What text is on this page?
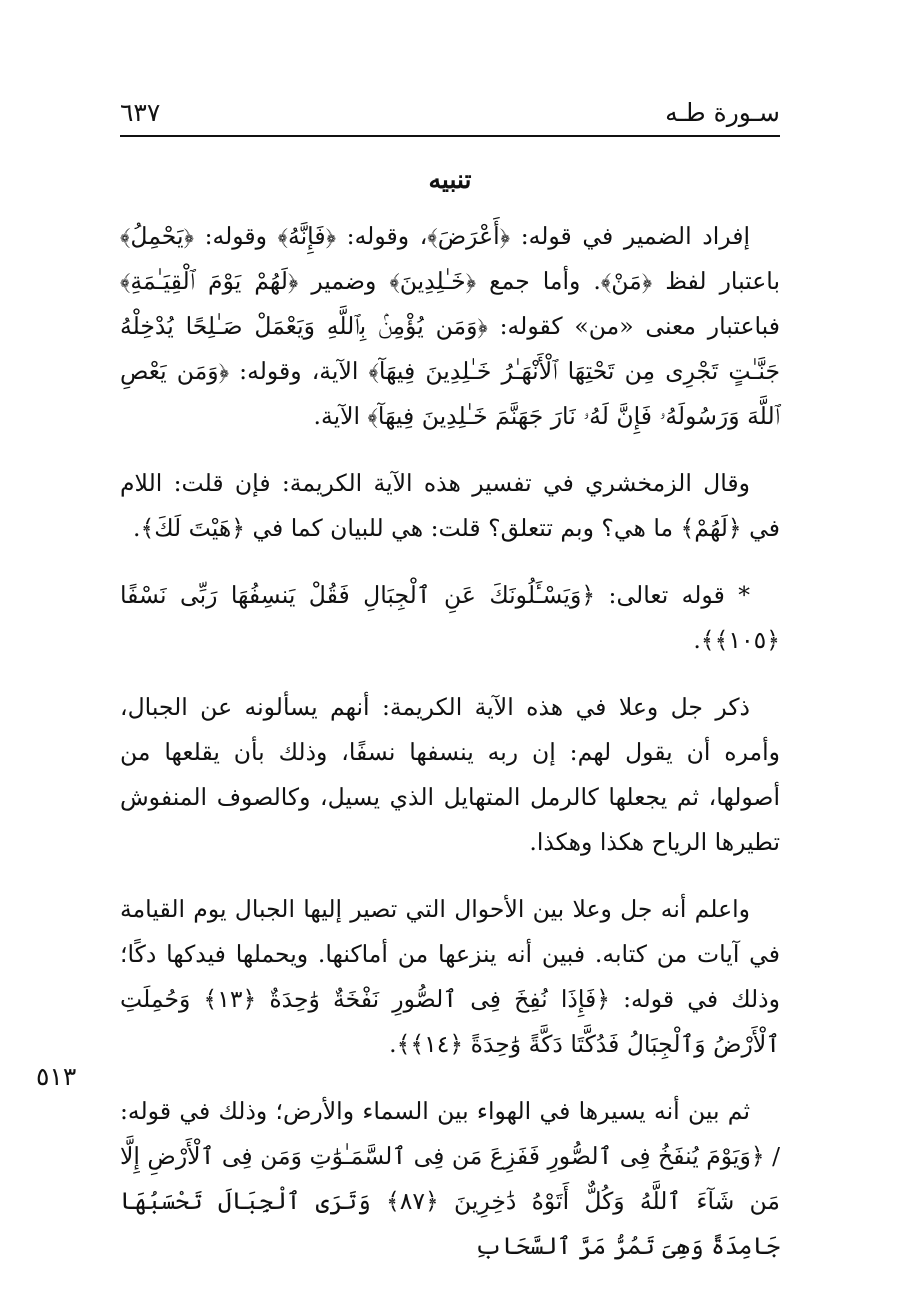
سـورة طـه
٦٣٧
تنبيه

إفراد الضمير في قوله: ﴿أَعْرَضَ﴾، وقوله: ﴿فَإِنَّهُ﴾ وقوله: ﴿يَحْمِلُ﴾ باعتبار لفظ ﴿مَنْ﴾. وأما جمع ﴿خَـٰلِدِينَ﴾ وضمير ﴿لَهُمْ يَوْمَ ٱلْقِيَـٰمَةِ﴾ فباعتبار معنى «من» كقوله: ﴿وَمَن يُؤْمِنۢ بِٱللَّهِ وَيَعْمَلْ صَـٰلِحًا يُدْخِلْهُ جَنَّـٰتٍ تَجْرِى مِن تَحْتِهَا ٱلْأَنْهَـٰرُ خَـٰلِدِينَ فِيهَآ﴾ الآية، وقوله: ﴿وَمَن يَعْصِ ٱللَّهَ وَرَسُولَهُۥ فَإِنَّ لَهُۥ نَارَ جَهَنَّمَ خَـٰلِدِينَ فِيهَآ﴾ الآية.

وقال الزمخشري في تفسير هذه الآية الكريمة: فإن قلت: اللام في ﴿لَهُمْ﴾ ما هي؟ وبم تتعلق؟ قلت: هي للبيان كما في ﴿هَيْتَ لَكَ﴾.

* قوله تعالى: ﴿وَيَسْـَٔلُونَكَ عَنِ ٱلْجِبَالِ فَقُلْ يَنسِفُهَا رَبِّى نَسْفًا ﴿١٠٥﴾﴾.

ذكر جل وعلا في هذه الآية الكريمة: أنهم يسألونه عن الجبال، وأمره أن يقول لهم: إن ربه ينسفها نسفًا، وذلك بأن يقلعها من أصولها، ثم يجعلها كالرمل المتهايل الذي يسيل، وكالصوف المنفوش تطيرها الرياح هكذا وهكذا.

واعلم أنه جل وعلا بين الأحوال التي تصير إليها الجبال يوم القيامة في آيات من كتابه. فبين أنه ينزعها من أماكنها. ويحملها فيدكها دكًا؛ وذلك في قوله: ﴿فَإِذَا نُفِخَ فِى ٱلصُّورِ نَفْخَةٌ وَٰحِدَةٌ ﴿١٣﴾ وَحُمِلَتِ ٱلْأَرْضُ وَٱلْجِبَالُ فَدُكَّتَا دَكَّةً وَٰحِدَةً ﴿١٤﴾﴾.

ثم بين أنه يسيرها في الهواء بين السماء والأرض؛ وذلك في قوله: / ﴿وَيَوْمَ يُنفَخُ فِى ٱلصُّورِ فَفَزِعَ مَن فِى ٱلسَّمَـٰوَٰتِ وَمَن فِى ٱلْأَرْضِ إِلَّا مَن شَآءَ ٱللَّهُ وَكُلٌّ أَتَوْهُ دَٰخِرِينَ ﴿٨٧﴾ وَتَرَى ٱلْجِبَالَ تَحْسَبُهَا جَامِدَةً وَهِىَ تَمُرُّ مَرَّ ٱلسَّحَابِ

٥١٣
